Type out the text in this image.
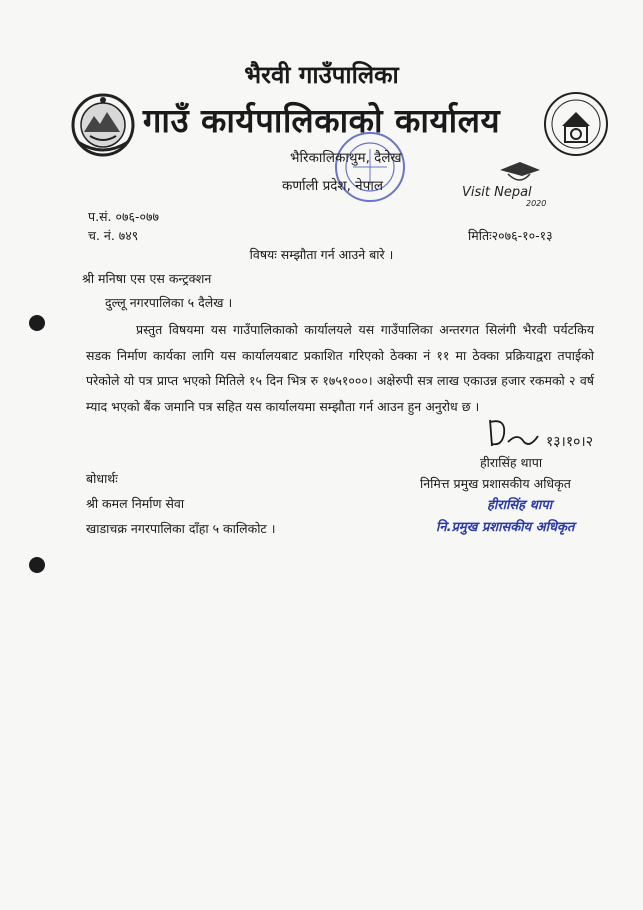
Visit Nepal
2020
भैरवी गाउँपालिका
गाउँ कार्यपालिकाको कार्यालय
भैरिकालिकाथुम, दैलेख
कर्णाली प्रदेश, नेपाल
प.सं. ०७६-०७७
च. नं. ७४९	मितिः२०७६-१०-१३
विषयः सम्झौता गर्न आउने बारे ।
श्री मनिषा एस एस कन्ट्रक्शन
दुल्लू नगरपालिका ५ दैलेख ।
प्रस्तुत विषयमा यस गाउँपालिकाको कार्यालयले यस गाउँपालिका अन्तरगत सिलंगी भैरवी पर्यटकिय सडक निर्माण कार्यका लागि यस कार्यालयबाट प्रकाशित गरिएको ठेक्का नं ११ मा ठेक्का प्रक्रियाद्वरा तपाईको परेकोले यो पत्र प्राप्त भएको मितिले १५ दिन भित्र रु १७५१०००। अक्षेरुपी सत्र लाख एकाउन्न हजार रकमको २ वर्ष म्याद भएको बैंक जमानि पत्र सहित यस कार्यालयमा सम्झौता गर्न आउन हुन अनुरोध छ ।
१३।१०।२
हीरासिंह थापा
निमित्त प्रमुख प्रशासकीय अधिकृत
हीरासिंह थापा
नि.प्रमुख प्रशासकीय अधिकृत
बोधार्थः
श्री कमल निर्माण सेवा
खाडाचक्र नगरपालिका दाँहा ५ कालिकोट ।
